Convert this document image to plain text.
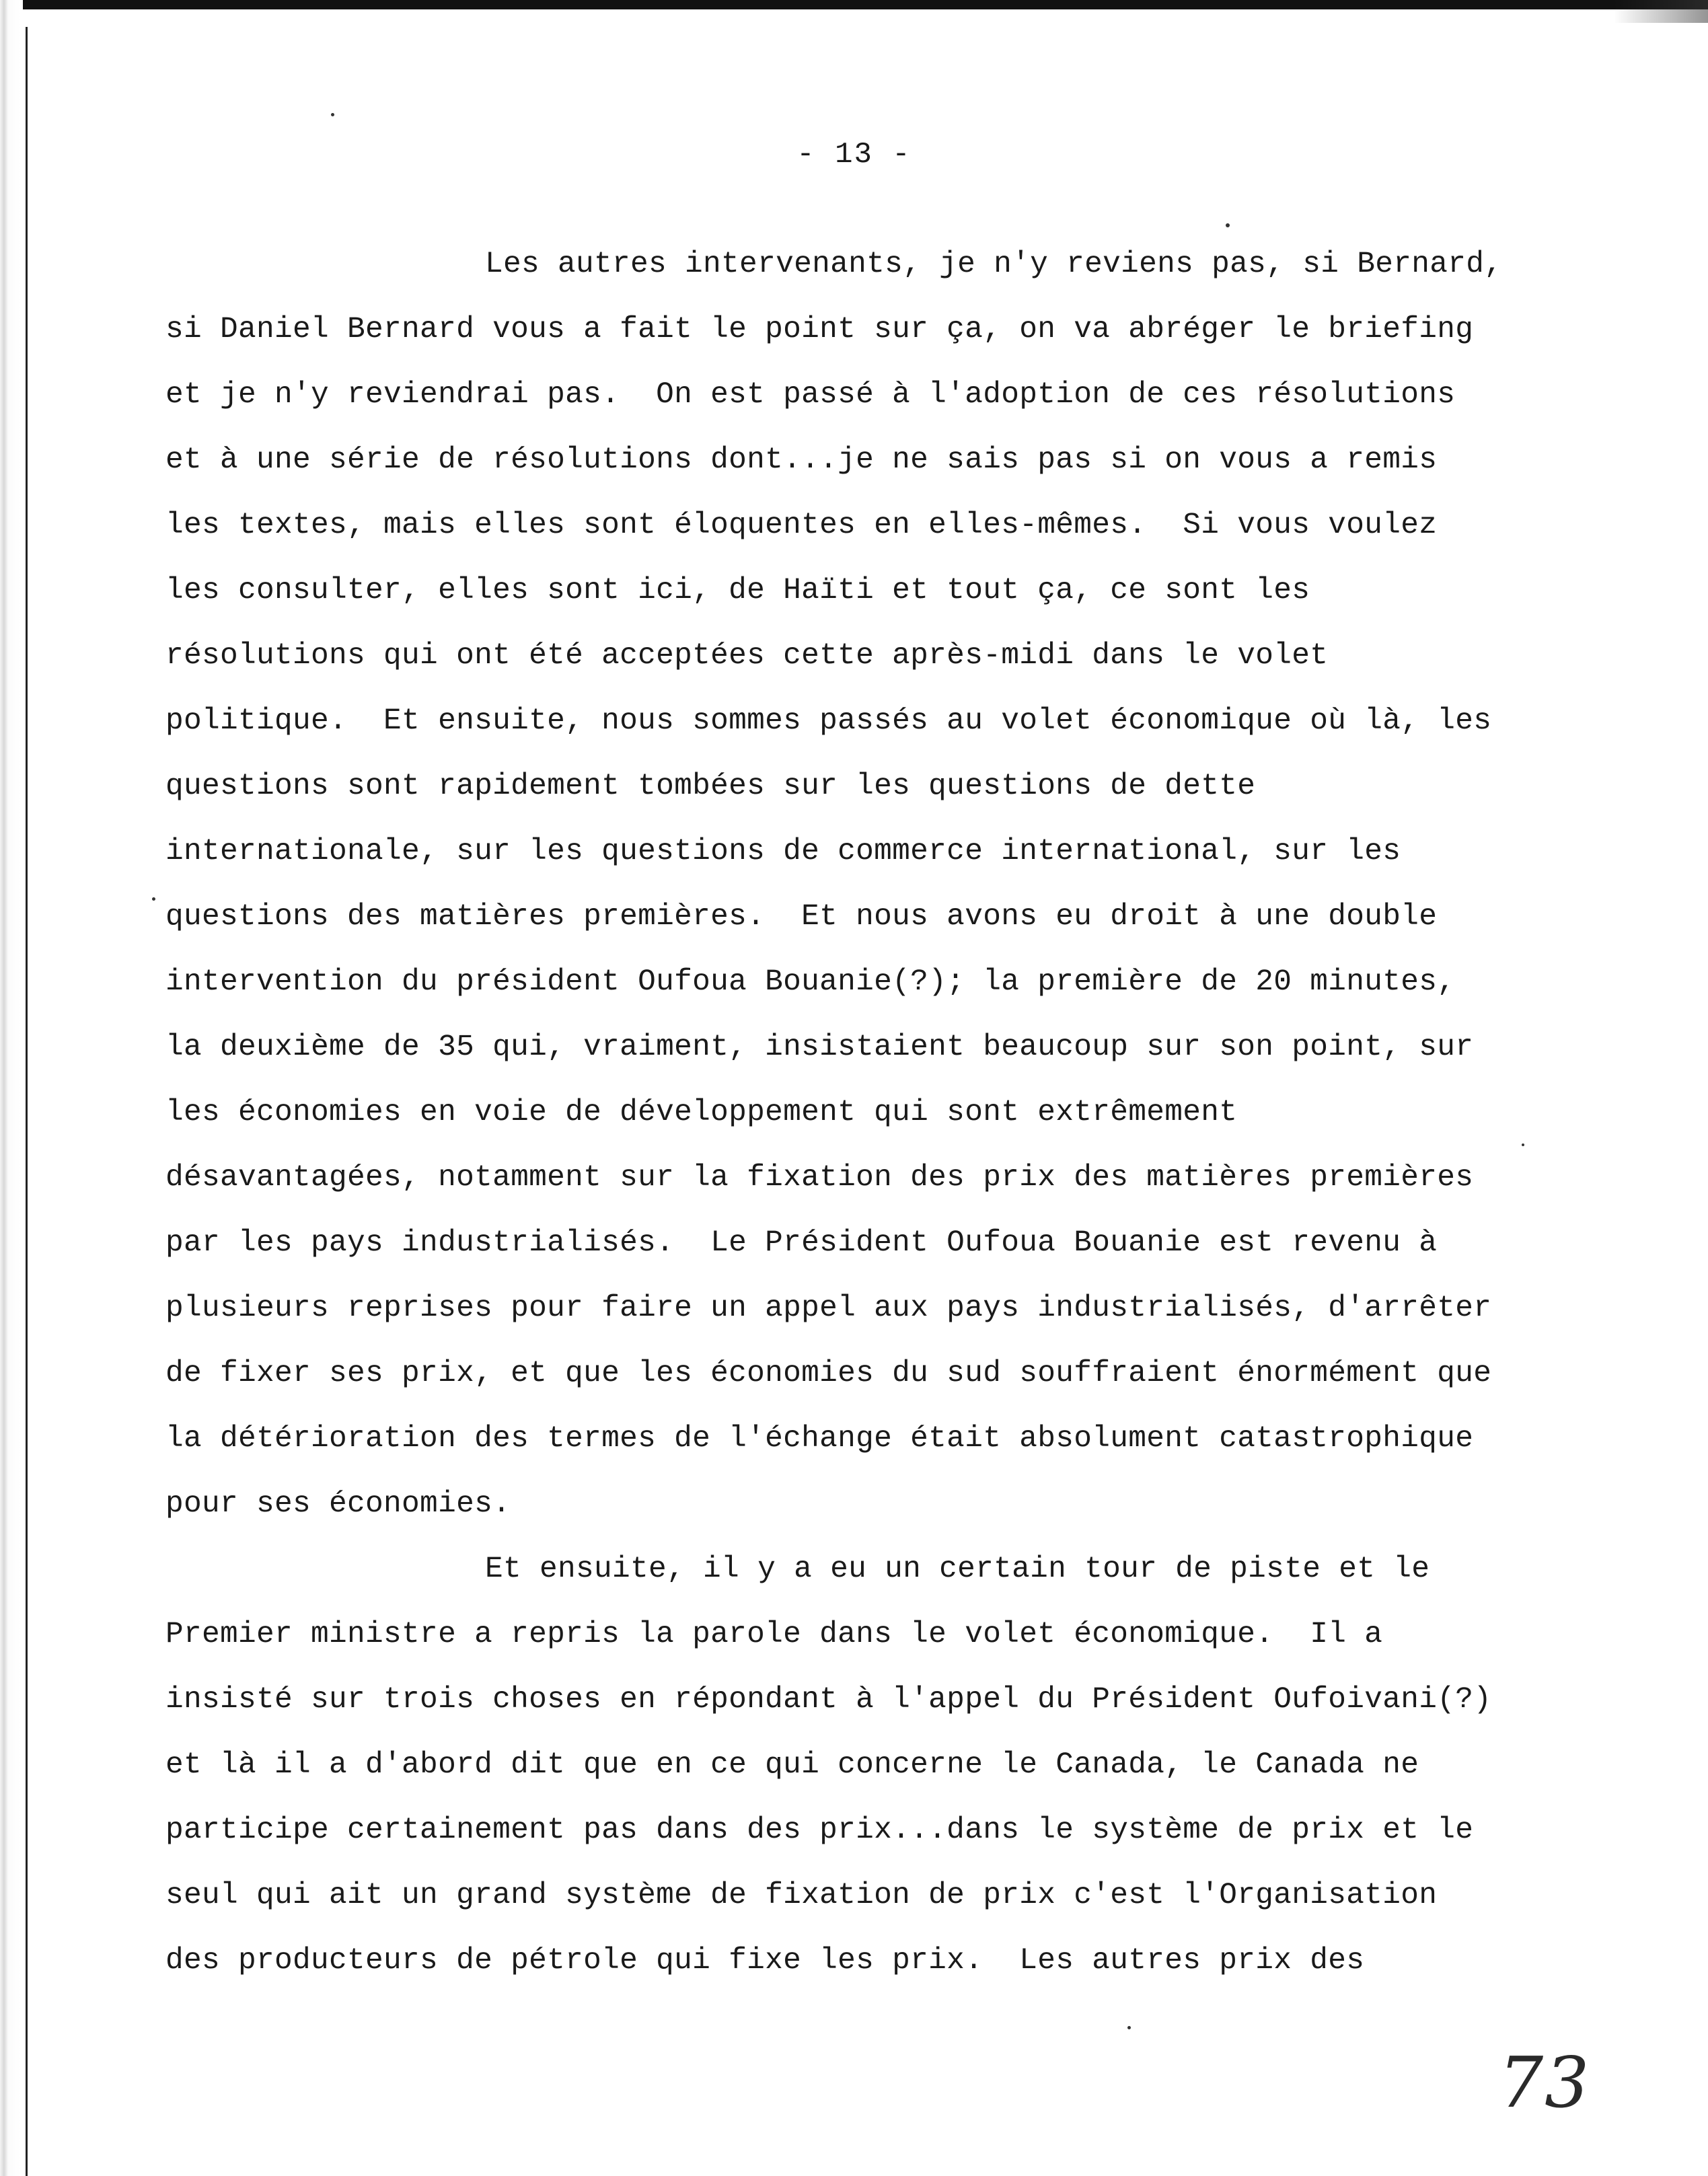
- 13 -
Les autres intervenants, je n'y reviens pas, si Bernard,
si Daniel Bernard vous a fait le point sur ça, on va abréger le briefing
et je n'y reviendrai pas.  On est passé à l'adoption de ces résolutions
et à une série de résolutions dont...je ne sais pas si on vous a remis
les textes, mais elles sont éloquentes en elles-mêmes.  Si vous voulez
les consulter, elles sont ici, de Haïti et tout ça, ce sont les
résolutions qui ont été acceptées cette après-midi dans le volet
politique.  Et ensuite, nous sommes passés au volet économique où là, les
questions sont rapidement tombées sur les questions de dette
internationale, sur les questions de commerce international, sur les
questions des matières premières.  Et nous avons eu droit à une double
intervention du président Oufoua Bouanie(?); la première de 20 minutes,
la deuxième de 35 qui, vraiment, insistaient beaucoup sur son point, sur
les économies en voie de développement qui sont extrêmement
désavantagées, notamment sur la fixation des prix des matières premières
par les pays industrialisés.  Le Président Oufoua Bouanie est revenu à
plusieurs reprises pour faire un appel aux pays industrialisés, d'arrêter
de fixer ses prix, et que les économies du sud souffraient énormément que
la détérioration des termes de l'échange était absolument catastrophique
pour ses économies.
Et ensuite, il y a eu un certain tour de piste et le
Premier ministre a repris la parole dans le volet économique.  Il a
insisté sur trois choses en répondant à l'appel du Président Oufoivani(?)
et là il a d'abord dit que en ce qui concerne le Canada, le Canada ne
participe certainement pas dans des prix...dans le système de prix et le
seul qui ait un grand système de fixation de prix c'est l'Organisation
des producteurs de pétrole qui fixe les prix.  Les autres prix des
73
